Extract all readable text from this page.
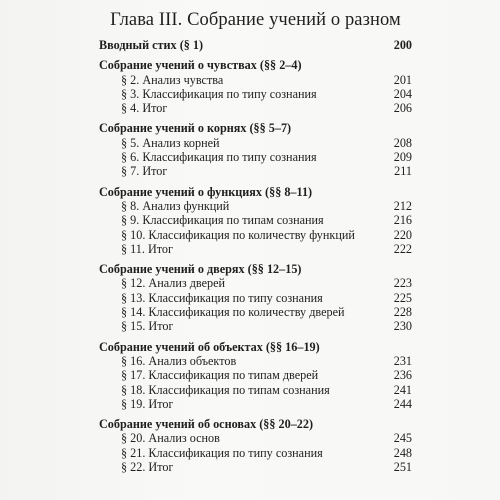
Глава III. Собрание учений о разном
Вводный стих (§ 1)	200
Собрание учений о чувствах (§§ 2–4)
§ 2. Анализ чувства	201
§ 3. Классификация по типу сознания	204
§ 4. Итог	206
Собрание учений о корнях (§§ 5–7)
§ 5. Анализ корней	208
§ 6. Классификация по типу сознания	209
§ 7. Итог	211
Собрание учений о функциях (§§ 8–11)
§ 8. Анализ функций	212
§ 9. Классификация по типам сознания	216
§ 10. Классификация по количеству функций	220
§ 11. Итог	222
Собрание учений о дверях (§§ 12–15)
§ 12. Анализ дверей	223
§ 13. Классификация по типу сознания	225
§ 14. Классификация по количеству дверей	228
§ 15. Итог	230
Собрание учений об объектах (§§ 16–19)
§ 16. Анализ объектов	231
§ 17. Классификация по типам дверей	236
§ 18. Классификация по типам сознания	241
§ 19. Итог	244
Собрание учений об основах (§§ 20–22)
§ 20. Анализ основ	245
§ 21. Классификация по типу сознания	248
§ 22. Итог	251
